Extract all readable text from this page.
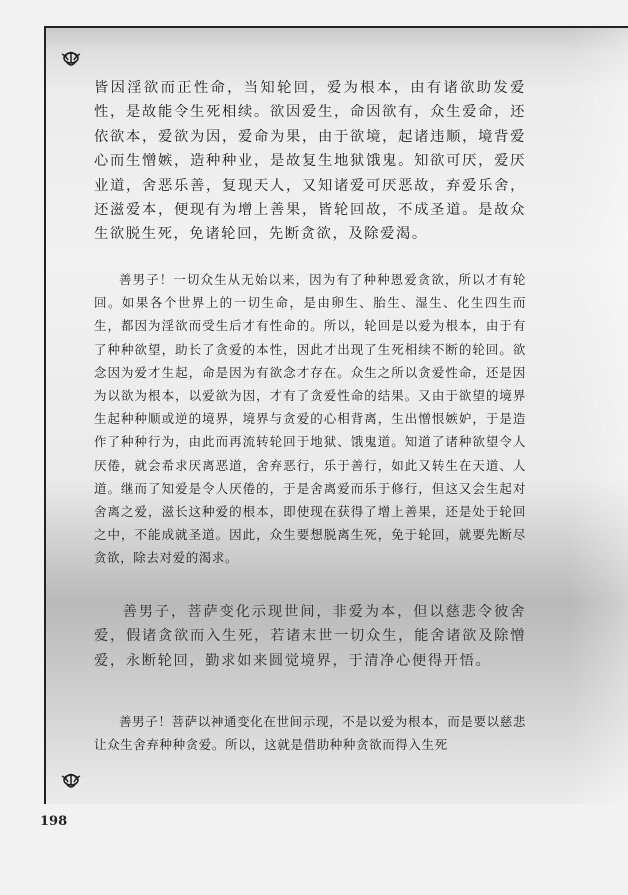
皆因淫欲而正性命，当知轮回，爱为根本，由有诸欲助发爱性，是故能令生死相续。欲因爱生，命因欲有，众生爱命，还依欲本，爱欲为因，爱命为果，由于欲境，起诸违顺，境背爱心而生憎嫉，造种种业，是故复生地狱饿鬼。知欲可厌，爱厌业道，舍恶乐善，复现天人，又知诸爱可厌恶故，弃爱乐舍，还滋爱本，便现有为增上善果，皆轮回故，不成圣道。是故众生欲脱生死，免诸轮回，先断贪欲，及除爱渴。

善男子！一切众生从无始以来，因为有了种种恩爱贪欲，所以才有轮回。如果各个世界上的一切生命，是由卵生、胎生、湿生、化生四生而生，都因为淫欲而受生后才有性命的。所以，轮回是以爱为根本，由于有了种种欲望，助长了贪爱的本性，因此才出现了生死相续不断的轮回。欲念因为爱才生起，命是因为有欲念才存在。众生之所以贪爱性命，还是因为以欲为根本，以爱欲为因，才有了贪爱性命的结果。又由于欲望的境界生起种种顺或逆的境界，境界与贪爱的心相背离，生出憎恨嫉妒，于是造作了种种行为，由此而再流转轮回于地狱、饿鬼道。知道了诸种欲望令人厌倦，就会希求厌离恶道，舍弃恶行，乐于善行，如此又转生在天道、人道。继而了知爱是令人厌倦的，于是舍离爱而乐于修行，但这又会生起对舍离之爱，滋长这种爱的根本，即使现在获得了增上善果，还是处于轮回之中，不能成就圣道。因此，众生要想脱离生死，免于轮回，就要先断尽贪欲，除去对爱的渴求。

善男子，菩萨变化示现世间，非爱为本，但以慈悲令彼舍爱，假诸贪欲而入生死，若诸末世一切众生，能舍诸欲及除憎爱，永断轮回，勤求如来圆觉境界，于清净心便得开悟。

善男子！菩萨以神通变化在世间示现，不是以爱为根本，而是要以慈悲让众生舍弃种种贪爱。所以，这就是借助种种贪欲而得入生死

198
